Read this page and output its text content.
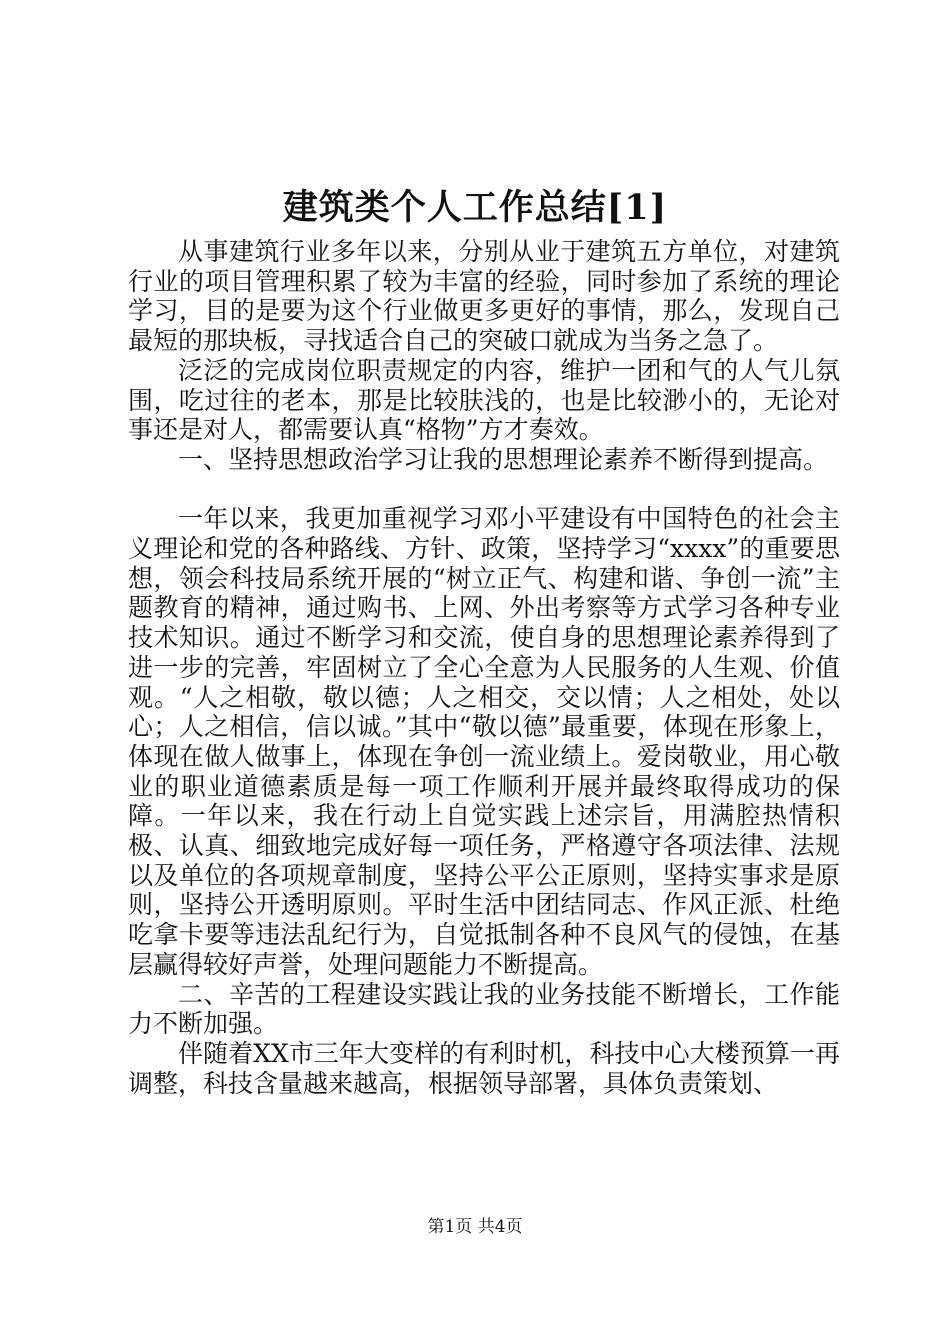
建筑类个人工作总结[1]

从事建筑行业多年以来，分别从业于建筑五方单位，对建筑行业的项目管理积累了较为丰富的经验，同时参加了系统的理论学习，目的是要为这个行业做更多更好的事情，那么，发现自己最短的那块板，寻找适合自己的突破口就成为当务之急了。

泛泛的完成岗位职责规定的内容，维护一团和气的人气儿氛围，吃过往的老本，那是比较肤浅的，也是比较渺小的，无论对事还是对人，都需要认真“格物”方才奏效。

一、坚持思想政治学习让我的思想理论素养不断得到提高。

一年以来，我更加重视学习邓小平建设有中国特色的社会主义理论和党的各种路线、方针、政策，坚持学习“xxxx”的重要思想，领会科技局系统开展的“树立正气、构建和谐、争创一流”主题教育的精神，通过购书、上网、外出考察等方式学习各种专业技术知识。通过不断学习和交流，使自身的思想理论素养得到了进一步的完善，牢固树立了全心全意为人民服务的人生观、价值观。“人之相敬，敬以德；人之相交，交以情；人之相处，处以心；人之相信，信以诚。”其中“敬以德”最重要，体现在形象上，体现在做人做事上，体现在争创一流业绩上。爱岗敬业，用心敬业的职业道德素质是每一项工作顺利开展并最终取得成功的保障。一年以来，我在行动上自觉实践上述宗旨，用满腔热情积极、认真、细致地完成好每一项任务，严格遵守各项法律、法规以及单位的各项规章制度，坚持公平公正原则，坚持实事求是原则，坚持公开透明原则。平时生活中团结同志、作风正派、杜绝吃拿卡要等违法乱纪行为，自觉抵制各种不良风气的侵蚀，在基层赢得较好声誉，处理问题能力不断提高。

二、辛苦的工程建设实践让我的业务技能不断增长，工作能力不断加强。

伴随着XX市三年大变样的有利时机，科技中心大楼预算一再调整，科技含量越来越高，根据领导部署，具体负责策划、

第1页 共4页
